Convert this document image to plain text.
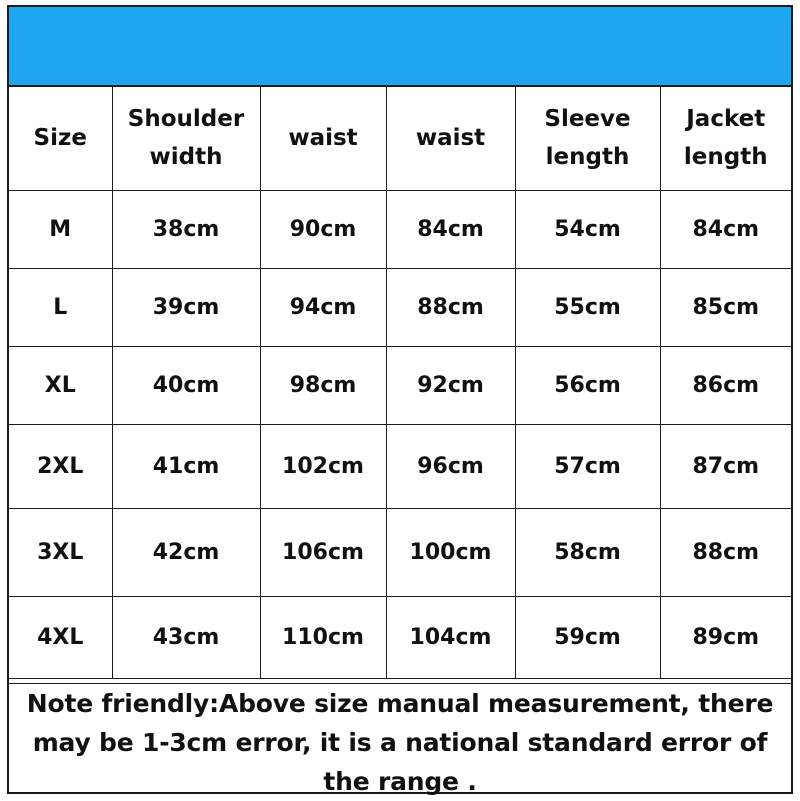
Size	Shoulder width	waist	waist	Sleeve length	Jacket length
M	38cm	90cm	84cm	54cm	84cm
L	39cm	94cm	88cm	55cm	85cm
XL	40cm	98cm	92cm	56cm	86cm
2XL	41cm	102cm	96cm	57cm	87cm
3XL	42cm	106cm	100cm	58cm	88cm
4XL	43cm	110cm	104cm	59cm	89cm
Note friendly:Above size manual measurement, there may be 1-3cm error, it is a national standard error of the range .
